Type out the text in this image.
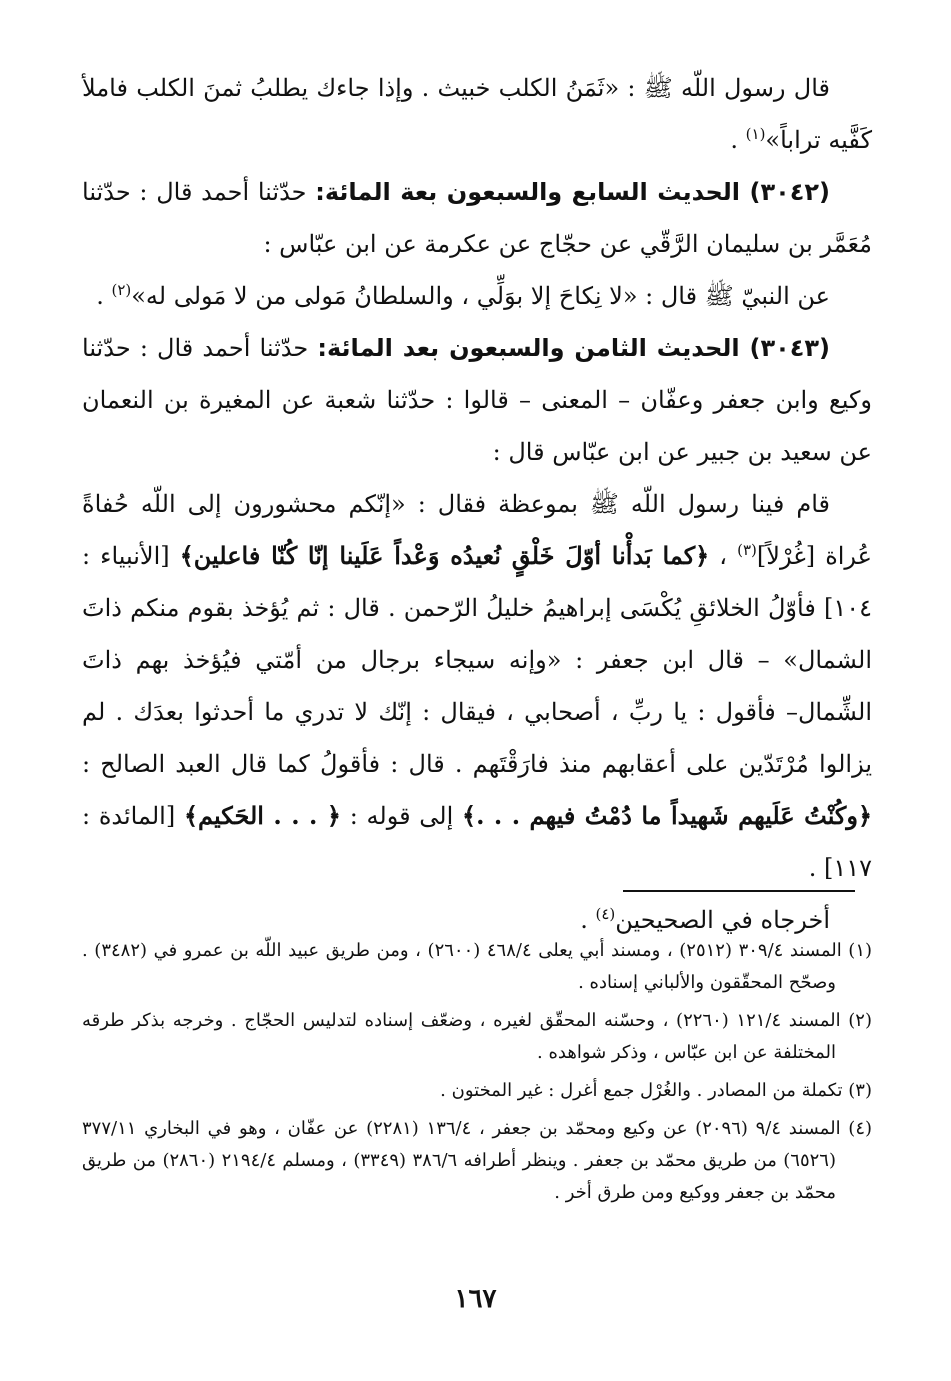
قال رسول اللّه ﷺ : «ثَمَنُ الكلب خبيث . وإذا جاءك يطلبُ ثمنَ الكلب فاملأ كَفَّيه تراباً»$^{(١)}$ .

(٣٠٤٢) الحديث السابع والسبعون بعة المائة: حدّثنا أحمد قال : حدّثنا مُعَمَّر بن سليمان الرَّقّي عن حجّاج عن عكرمة عن ابن عبّاس :

عن النبيّ ﷺ قال : «لا نِكاحَ إلا بوَلِّي ، والسلطانُ مَولى من لا مَولى له»$^{(٢)}$ .

(٣٠٤٣) الحديث الثامن والسبعون بعد المائة: حدّثنا أحمد قال : حدّثنا وكيع وابن جعفر وعفّان – المعنى – قالوا : حدّثنا شعبة عن المغيرة بن النعمان عن سعيد بن جبير عن ابن عبّاس قال :

قام فينا رسول اللّه ﷺ بموعظة فقال : «إنّكم محشورون إلى اللّه حُفاةً عُراة [غُرْلاً]$^{(٣)}$ ، ﴿كما بَدأْنا أوّلَ خَلْقٍ نُعيدُه وَعْداً عَلَينا إنّا كُنّا فاعلين﴾ [الأنبياء : ١٠٤] فأوّلُ الخلائقِ يُكْسَى إبراهيمُ خليلُ الرّحمن . قال : ثم يُؤخذ بقوم منكم ذاتَ الشمال» – قال ابن جعفر : «وإنه سيجاء برجال من أمّتي فيُؤخذ بهم ذاتَ الشِّمال– فأقول : يا ربِّ ، أصحابي ، فيقال : إنّك لا تدري ما أحدثوا بعدَك . لم يزالوا مُرْتَدّين على أعقابهم منذ فارَقْتَهم . قال : فأقولُ كما قال العبد الصالح : ﴿وكُنْتُ عَلَيهم شَهيداً ما دُمْتُ فيهم . . .﴾ إلى قوله : ﴿ . . . الحَكيم﴾ [المائدة : ١١٧] .

أخرجاه في الصحيحين$^{(٤)}$ .

(١) المسند ٣٠٩/٤ (٢٥١٢) ، ومسند أبي يعلى ٤٦٨/٤ (٢٦٠٠) ، ومن طريق عبيد اللّه بن عمرو في (٣٤٨٢) . وصحّح المحقّقون والألباني إسناده .

(٢) المسند ١٢١/٤ (٢٢٦٠) ، وحسّنه المحقّق لغيره ، وضعّف إسناده لتدليس الحجّاج . وخرجه بذكر طرقه المختلفة عن ابن عبّاس ، وذكر شواهده .

(٣) تكملة من المصادر . والغُرْل جمع أغرل : غير المختون .

(٤) المسند ٩/٤ (٢٠٩٦) عن وكيع ومحمّد بن جعفر ، ١٣٦/٤ (٢٢٨١) عن عفّان ، وهو في البخاري ٣٧٧/١١ (٦٥٢٦) من طريق محمّد بن جعفر . وينظر أطرافه ٣٨٦/٦ (٣٣٤٩) ، ومسلم ٢١٩٤/٤ (٢٨٦٠) من طريق محمّد بن جعفر ووكيع ومن طرق أخر .

١٦٧
